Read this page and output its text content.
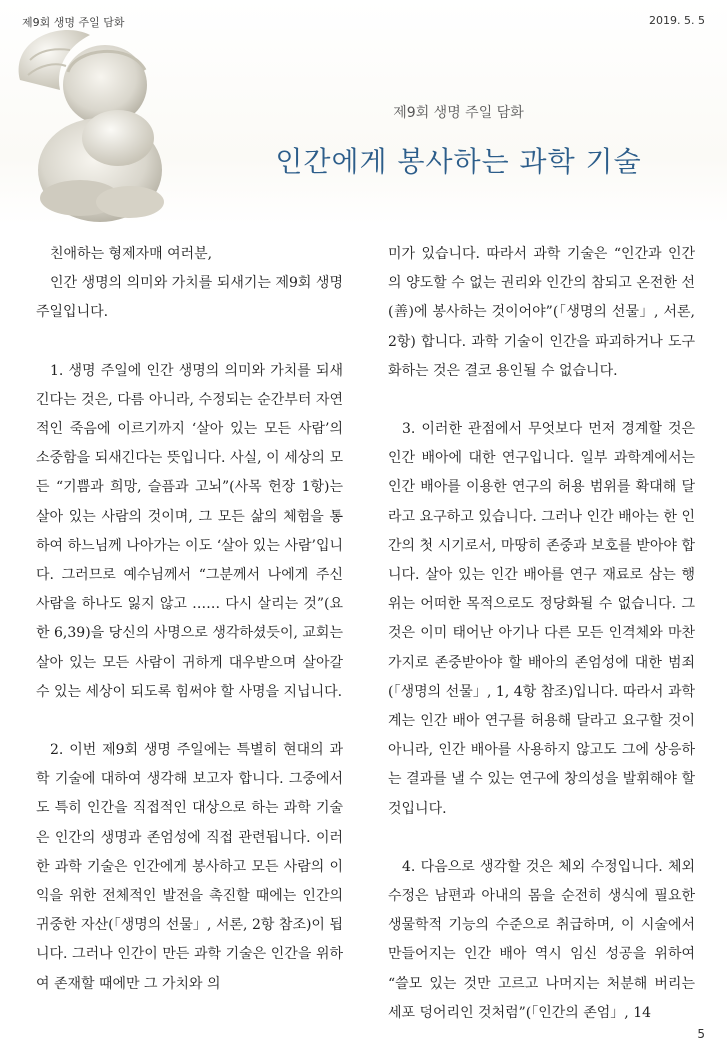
제9회 생명 주일 담화	2019. 5. 5
제9회 생명 주일 담화
인간에게 봉사하는 과학 기술

친애하는 형제자매 여러분,

인간 생명의 의미와 가치를 되새기는 제9회 생명 주일입니다.

1. 생명 주일에 인간 생명의 의미와 가치를 되새긴다는 것은, 다름 아니라, 수정되는 순간부터 자연적인 죽음에 이르기까지 ‘살아 있는 모든 사람’의 소중함을 되새긴다는 뜻입니다. 사실, 이 세상의 모든 “기쁨과 희망, 슬픔과 고뇌”(사목 헌장 1항)는 살아 있는 사람의 것이며, 그 모든 삶의 체험을 통하여 하느님께 나아가는 이도 ‘살아 있는 사람’입니다. 그러므로 예수님께서 “그분께서 나에게 주신 사람을 하나도 잃지 않고 …… 다시 살리는 것”(요한 6,39)을 당신의 사명으로 생각하셨듯이, 교회는 살아 있는 모든 사람이 귀하게 대우받으며 살아갈 수 있는 세상이 되도록 힘써야 할 사명을 지닙니다.

2. 이번 제9회 생명 주일에는 특별히 현대의 과학 기술에 대하여 생각해 보고자 합니다. 그중에서도 특히 인간을 직접적인 대상으로 하는 과학 기술은 인간의 생명과 존엄성에 직접 관련됩니다. 이러한 과학 기술은 인간에게 봉사하고 모든 사람의 이익을 위한 전체적인 발전을 촉진할 때에는 인간의 귀중한 자산(「생명의 선물」, 서론, 2항 참조)이 됩니다. 그러나 인간이 만든 과학 기술은 인간을 위하여 존재할 때에만 그 가치와 의

미가 있습니다. 따라서 과학 기술은 “인간과 인간의 양도할 수 없는 권리와 인간의 참되고 온전한 선(善)에 봉사하는 것이어야”(「생명의 선물」, 서론, 2항) 합니다. 과학 기술이 인간을 파괴하거나 도구화하는 것은 결코 용인될 수 없습니다.

3. 이러한 관점에서 무엇보다 먼저 경계할 것은 인간 배아에 대한 연구입니다. 일부 과학계에서는 인간 배아를 이용한 연구의 허용 범위를 확대해 달라고 요구하고 있습니다. 그러나 인간 배아는 한 인간의 첫 시기로서, 마땅히 존중과 보호를 받아야 합니다. 살아 있는 인간 배아를 연구 재료로 삼는 행위는 어떠한 목적으로도 정당화될 수 없습니다. 그것은 이미 태어난 아기나 다른 모든 인격체와 마찬가지로 존중받아야 할 배아의 존엄성에 대한 범죄(「생명의 선물」, 1, 4항 참조)입니다. 따라서 과학계는 인간 배아 연구를 허용해 달라고 요구할 것이 아니라, 인간 배아를 사용하지 않고도 그에 상응하는 결과를 낼 수 있는 연구에 창의성을 발휘해야 할 것입니다.

4. 다음으로 생각할 것은 체외 수정입니다. 체외 수정은 남편과 아내의 몸을 순전히 생식에 필요한 생물학적 기능의 수준으로 취급하며, 이 시술에서 만들어지는 인간 배아 역시 임신 성공을 위하여 “쓸모 있는 것만 고르고 나머지는 처분해 버리는 세포 덩어리인 것처럼”(「인간의 존엄」, 14

5
